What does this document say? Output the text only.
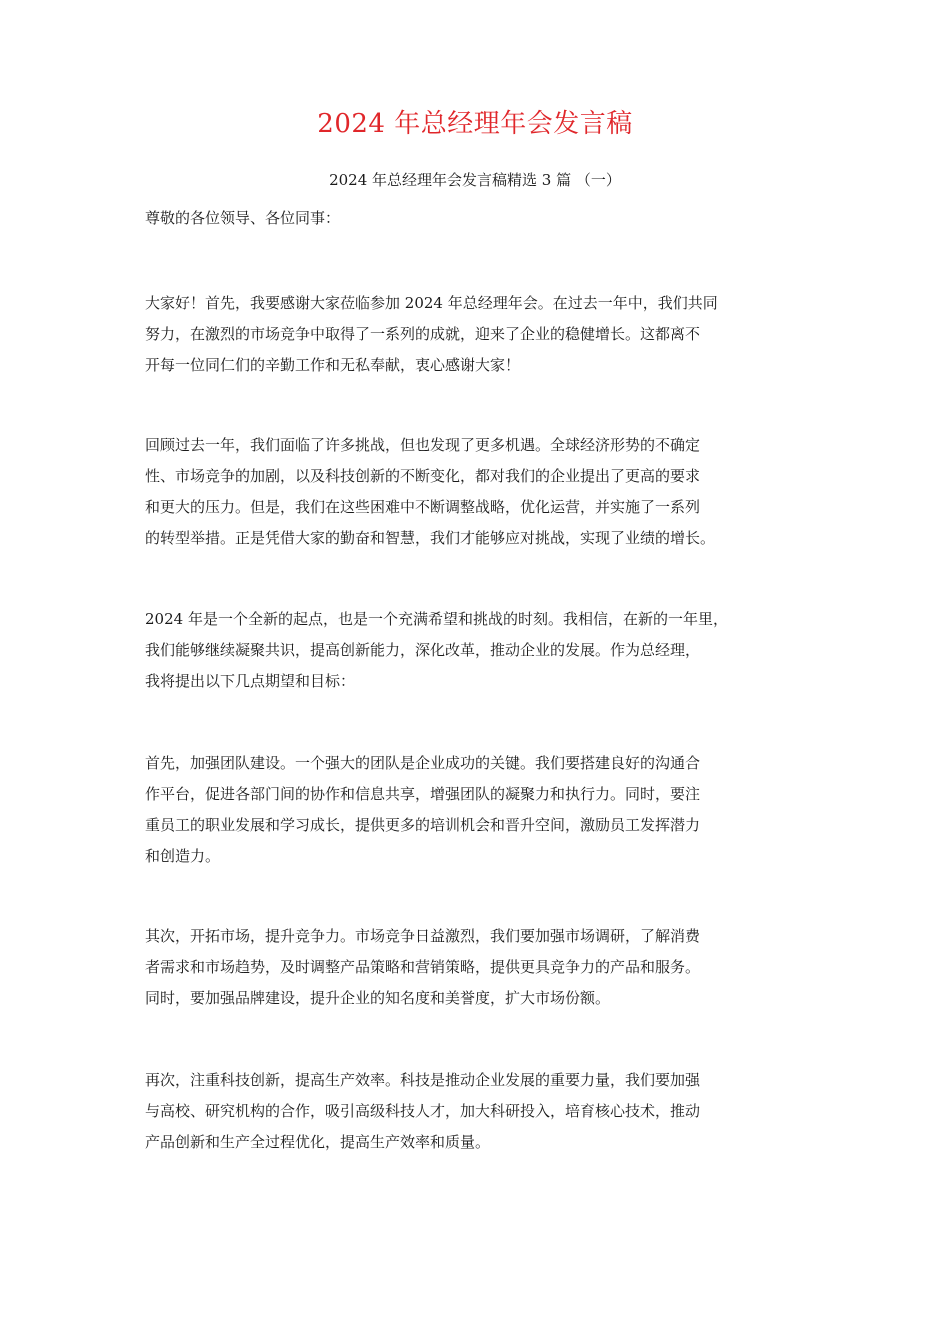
2024 年总经理年会发言稿
2024 年总经理年会发言稿精选 3 篇 （一）
尊敬的各位领导、各位同事：
大家好！首先，我要感谢大家莅临参加 2024 年总经理年会。在过去一年中，我们共同
努力，在激烈的市场竞争中取得了一系列的成就，迎来了企业的稳健增长。这都离不
开每一位同仁们的辛勤工作和无私奉献，衷心感谢大家！
回顾过去一年，我们面临了许多挑战，但也发现了更多机遇。全球经济形势的不确定
性、市场竞争的加剧，以及科技创新的不断变化，都对我们的企业提出了更高的要求
和更大的压力。但是，我们在这些困难中不断调整战略，优化运营，并实施了一系列
的转型举措。正是凭借大家的勤奋和智慧，我们才能够应对挑战，实现了业绩的增长。
2024 年是一个全新的起点，也是一个充满希望和挑战的时刻。我相信，在新的一年里，
我们能够继续凝聚共识，提高创新能力，深化改革，推动企业的发展。作为总经理，
我将提出以下几点期望和目标：
首先，加强团队建设。一个强大的团队是企业成功的关键。我们要搭建良好的沟通合
作平台，促进各部门间的协作和信息共享，增强团队的凝聚力和执行力。同时，要注
重员工的职业发展和学习成长，提供更多的培训机会和晋升空间，激励员工发挥潜力
和创造力。
其次，开拓市场，提升竞争力。市场竞争日益激烈，我们要加强市场调研，了解消费
者需求和市场趋势，及时调整产品策略和营销策略，提供更具竞争力的产品和服务。
同时，要加强品牌建设，提升企业的知名度和美誉度，扩大市场份额。
再次，注重科技创新，提高生产效率。科技是推动企业发展的重要力量，我们要加强
与高校、研究机构的合作，吸引高级科技人才，加大科研投入，培育核心技术，推动
产品创新和生产全过程优化，提高生产效率和质量。
